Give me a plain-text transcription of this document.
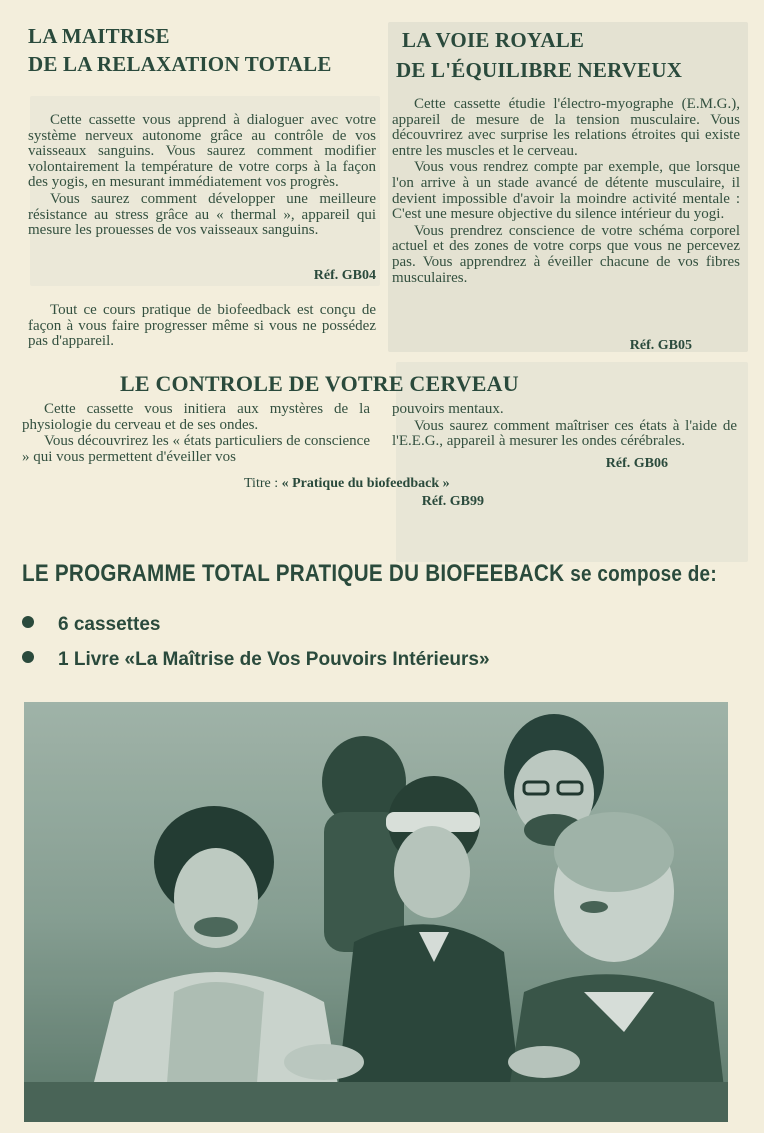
LA MAITRISE
DE LA RELAXATION TOTALE

Cette cassette vous apprend à dialoguer avec votre système nerveux autonome grâce au contrôle de vos vaisseaux sanguins. Vous saurez comment modifier volontairement la température de votre corps à la façon des yogis, en mesurant immédiatement vos progrès.

Vous saurez comment développer une meilleure résistance au stress grâce au « thermal », appareil qui mesure les prouesses de vos vaisseaux sanguins.

Réf. GB04

Tout ce cours pratique de biofeedback est conçu de façon à vous faire progresser même si vous ne possédez pas d'appareil.

LA VOIE ROYALE
DE L'ÉQUILIBRE NERVEUX

Cette cassette étudie l'électro-myographe (E.M.G.), appareil de mesure de la tension musculaire. Vous découvrirez avec surprise les relations étroites qui existe entre les muscles et le cerveau.

Vous vous rendrez compte par exemple, que lorsque l'on arrive à un stade avancé de détente musculaire, il devient impossible d'avoir la moindre activité mentale : C'est une mesure objective du silence intérieur du yogi.

Vous prendrez conscience de votre schéma corporel actuel et des zones de votre corps que vous ne percevez pas. Vous apprendrez à éveiller chacune de vos fibres musculaires.

Réf. GB05
LE CONTROLE DE VOTRE CERVEAU

Cette cassette vous initiera aux mystères de la physiologie du cerveau et de ses ondes.

Vous découvrirez les « états particuliers de conscience » qui vous permettent d'éveiller vos

pouvoirs mentaux.

Vous saurez comment maîtriser ces états à l'aide de l'E.E.G., appareil à mesurer les ondes cérébrales.

Réf. GB06
Titre : « Pratique du biofeedback »
Réf. GB99
LE PROGRAMME TOTAL PRATIQUE DU BIOFEEBACK se compose de:
6 cassettes
1 Livre «La Maîtrise de Vos Pouvoirs Intérieurs»
